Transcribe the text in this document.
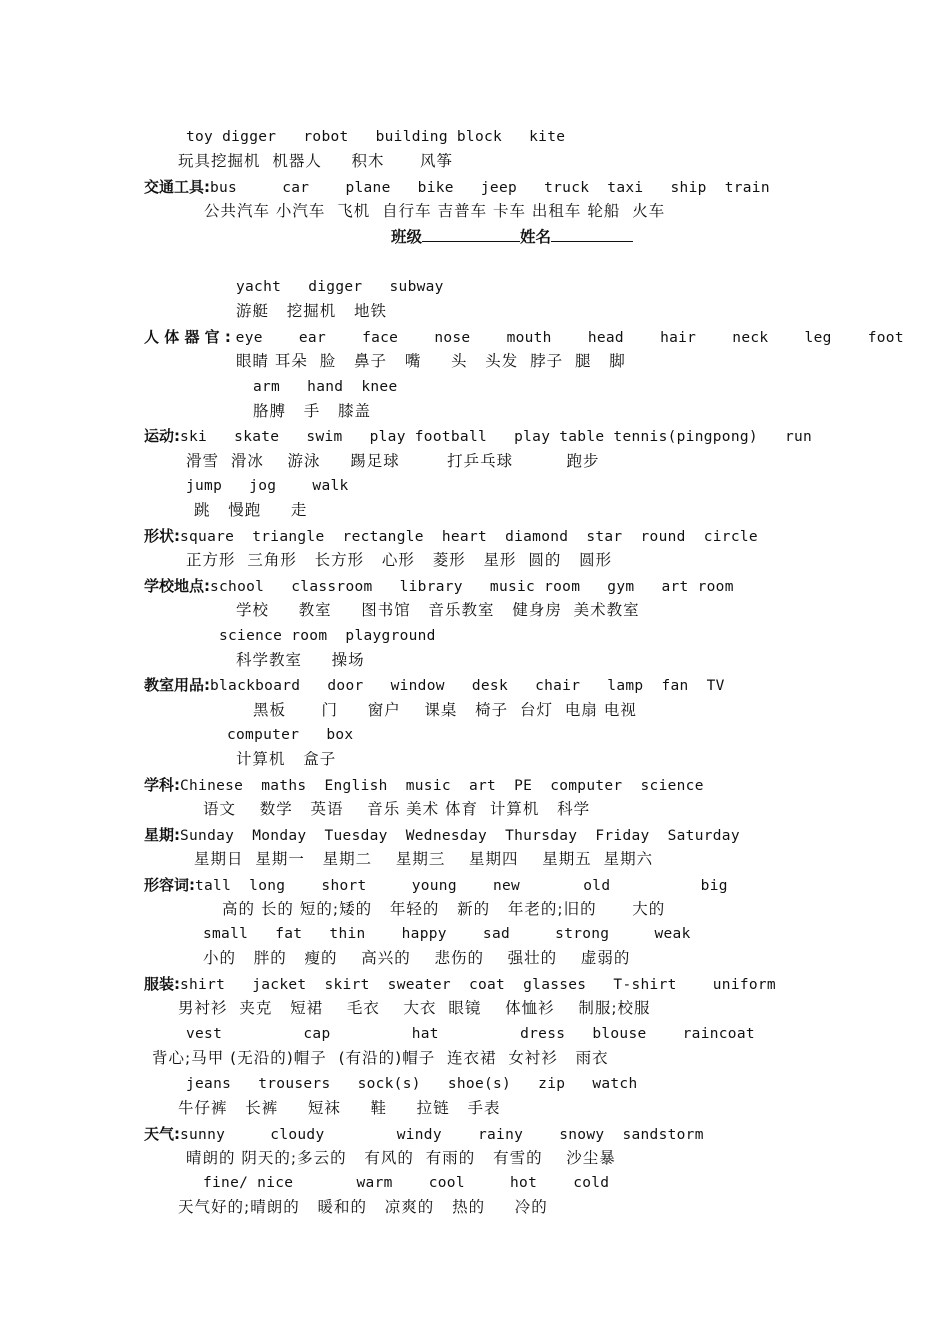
toy digger   robot   building block   kite
玩具挖掘机  机器人     积木      风筝
交通工具:bus     car    plane   bike   jeep   truck  taxi   ship  train
公共汽车 小汽车  飞机  自行车 吉普车 卡车 出租车 轮船  火车
班级	姓名
yacht   digger   subway
游艇   挖掘机   地铁
人 体 器 官 : eye    ear    face    nose    mouth    head    hair    neck    leg    foot
眼睛 耳朵  脸   鼻子   嘴     头   头发  脖子  腿   脚
arm   hand  knee
胳膊   手   膝盖
运动:ski   skate   swim   play football   play table tennis(pingpong)   run
滑雪  滑冰    游泳     踢足球        打乒乓球         跑步
jump   jog    walk
跳   慢跑     走
形状:square  triangle  rectangle  heart  diamond  star  round  circle
正方形  三角形   长方形   心形   菱形   星形  圆的   圆形
学校地点:school   classroom   library   music room   gym   art room
学校     教室     图书馆   音乐教室   健身房  美术教室
science room  playground
科学教室     操场
教室用品:blackboard   door   window   desk   chair   lamp  fan  TV
黑板      门     窗户    课桌   椅子  台灯  电扇 电视
computer   box
计算机   盒子
学科:Chinese  maths  English  music  art  PE  computer  science
语文    数学   英语    音乐 美术 体育  计算机   科学
星期:Sunday  Monday  Tuesday  Wednesday  Thursday  Friday  Saturday
星期日  星期一   星期二    星期三    星期四    星期五  星期六
形容词:tall  long    short     young    new       old          big
高的 长的 短的;矮的   年轻的   新的   年老的;旧的      大的
small   fat   thin    happy    sad     strong     weak
小的   胖的   瘦的    高兴的    悲伤的    强壮的    虚弱的
服装:shirt   jacket  skirt  sweater  coat  glasses   T-shirt    uniform
男衬衫  夹克   短裙    毛衣    大衣  眼镜    体恤衫    制服;校服
vest         cap         hat         dress   blouse    raincoat
背心;马甲 (无沿的)帽子  (有沿的)帽子  连衣裙  女衬衫   雨衣
jeans   trousers   sock(s)   shoe(s)   zip   watch
牛仔裤   长裤     短袜     鞋     拉链   手表
天气:sunny     cloudy        windy    rainy    snowy  sandstorm
晴朗的 阴天的;多云的   有风的  有雨的   有雪的    沙尘暴
fine/ nice       warm    cool     hot    cold
天气好的;晴朗的   暖和的   凉爽的   热的     冷的
